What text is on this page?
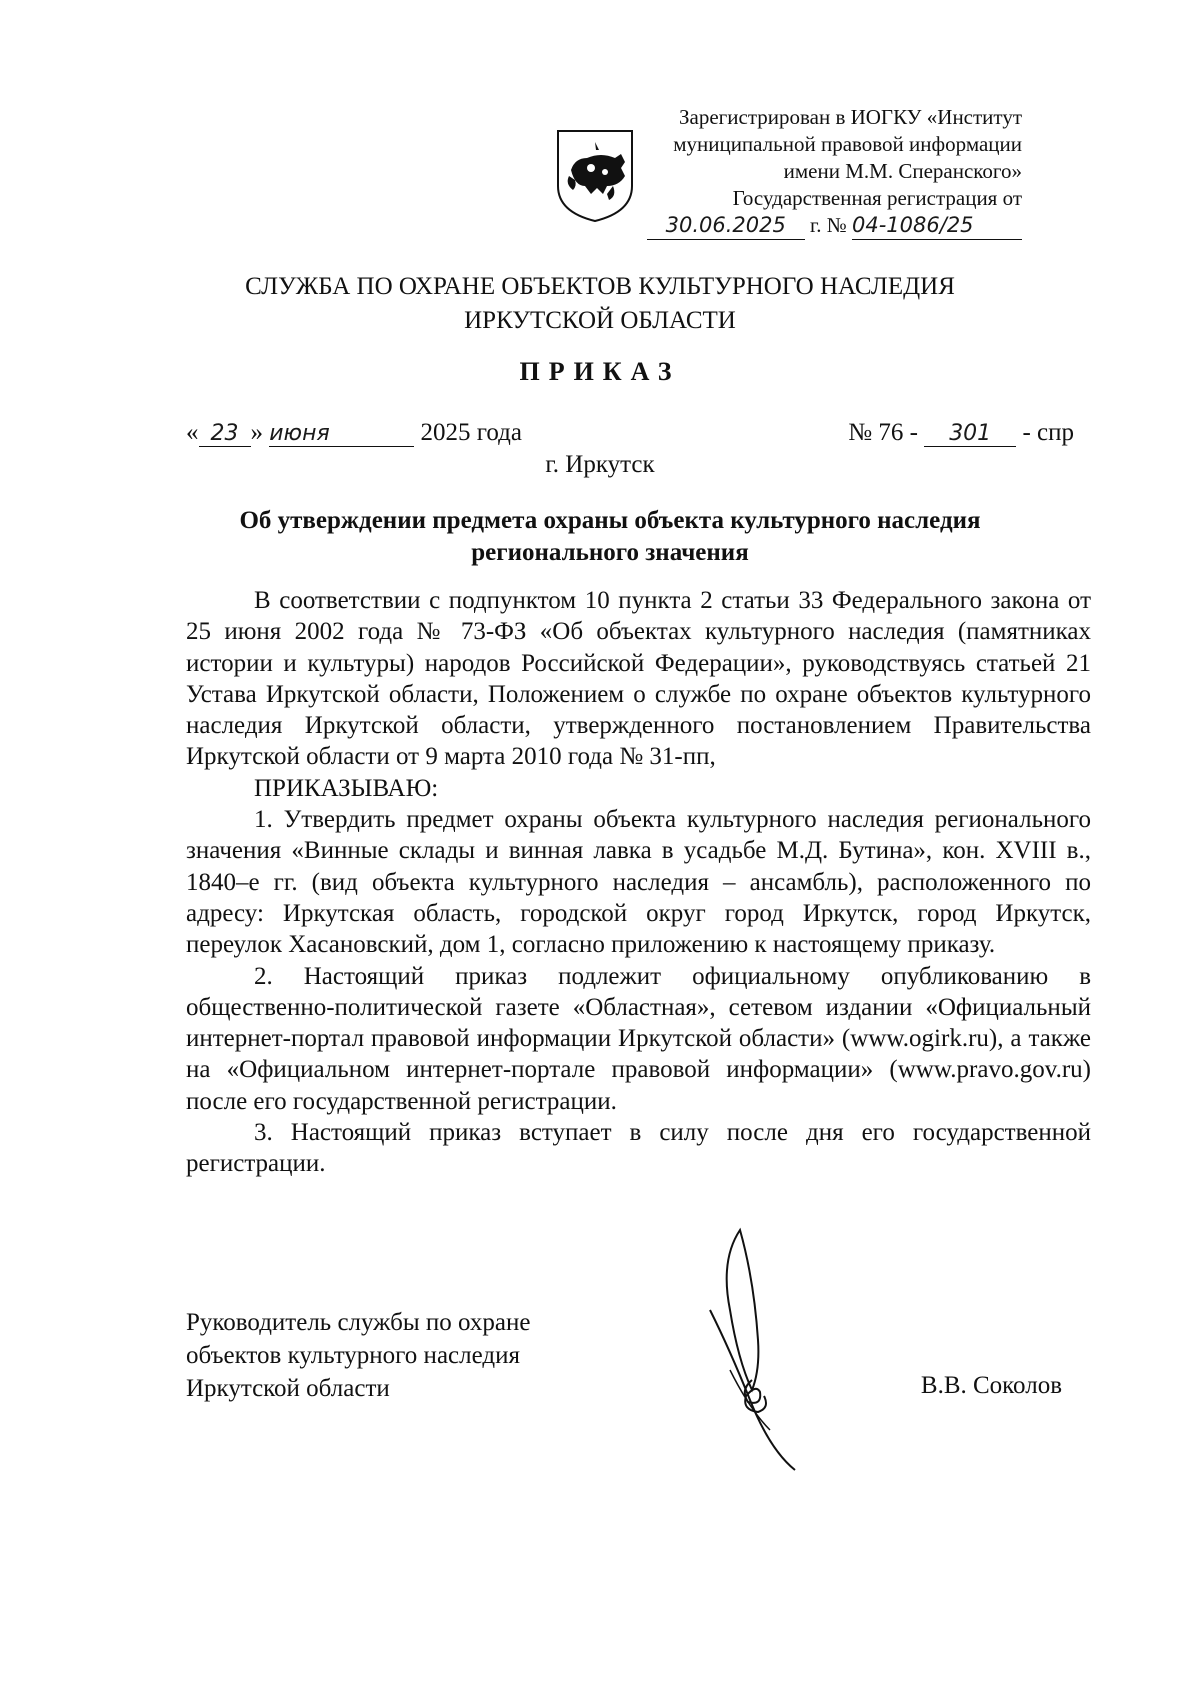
Зарегистрирован в ИОГКУ «Институт
муниципальной правовой информации
имени М.М. Сперанского»
Государственная регистрация от
30.06.2025 г. № 04-1086/25
СЛУЖБА ПО ОХРАНЕ ОБЪЕКТОВ КУЛЬТУРНОГО НАСЛЕДИЯ
ИРКУТСКОЙ ОБЛАСТИ
ПРИКАЗ
« 23 » июня	2025 года	№ 76 - 301 - спр
г. Иркутск
Об утверждении предмета охраны объекта культурного наследия
регионального значения

В соответствии с подпунктом 10 пункта 2 статьи 33 Федерального закона от 25 июня 2002 года № 73-ФЗ «Об объектах культурного наследия (памятниках истории и культуры) народов Российской Федерации», руководствуясь статьей 21 Устава Иркутской области, Положением о службе по охране объектов культурного наследия Иркутской области, утвержденного постановлением Правительства Иркутской области от 9 марта 2010 года № 31-пп,

ПРИКАЗЫВАЮ:

1. Утвердить предмет охраны объекта культурного наследия регионального значения «Винные склады и винная лавка в усадьбе М.Д. Бутина», кон. XVIII в., 1840–е гг. (вид объекта культурного наследия – ансамбль), расположенного по адресу: Иркутская область, городской округ город Иркутск, город Иркутск, переулок Хасановский, дом 1, согласно приложению к настоящему приказу.

2. Настоящий приказ подлежит официальному опубликованию в общественно-политической газете «Областная», сетевом издании «Официальный интернет-портал правовой информации Иркутской области» (www.ogirk.ru), а также на «Официальном интернет-портале правовой информации» (www.pravo.gov.ru) после его государственной регистрации.

3. Настоящий приказ вступает в силу после дня его государственной регистрации.

Руководитель службы по охране
объектов культурного наследия
Иркутской области	В.В. Соколов
